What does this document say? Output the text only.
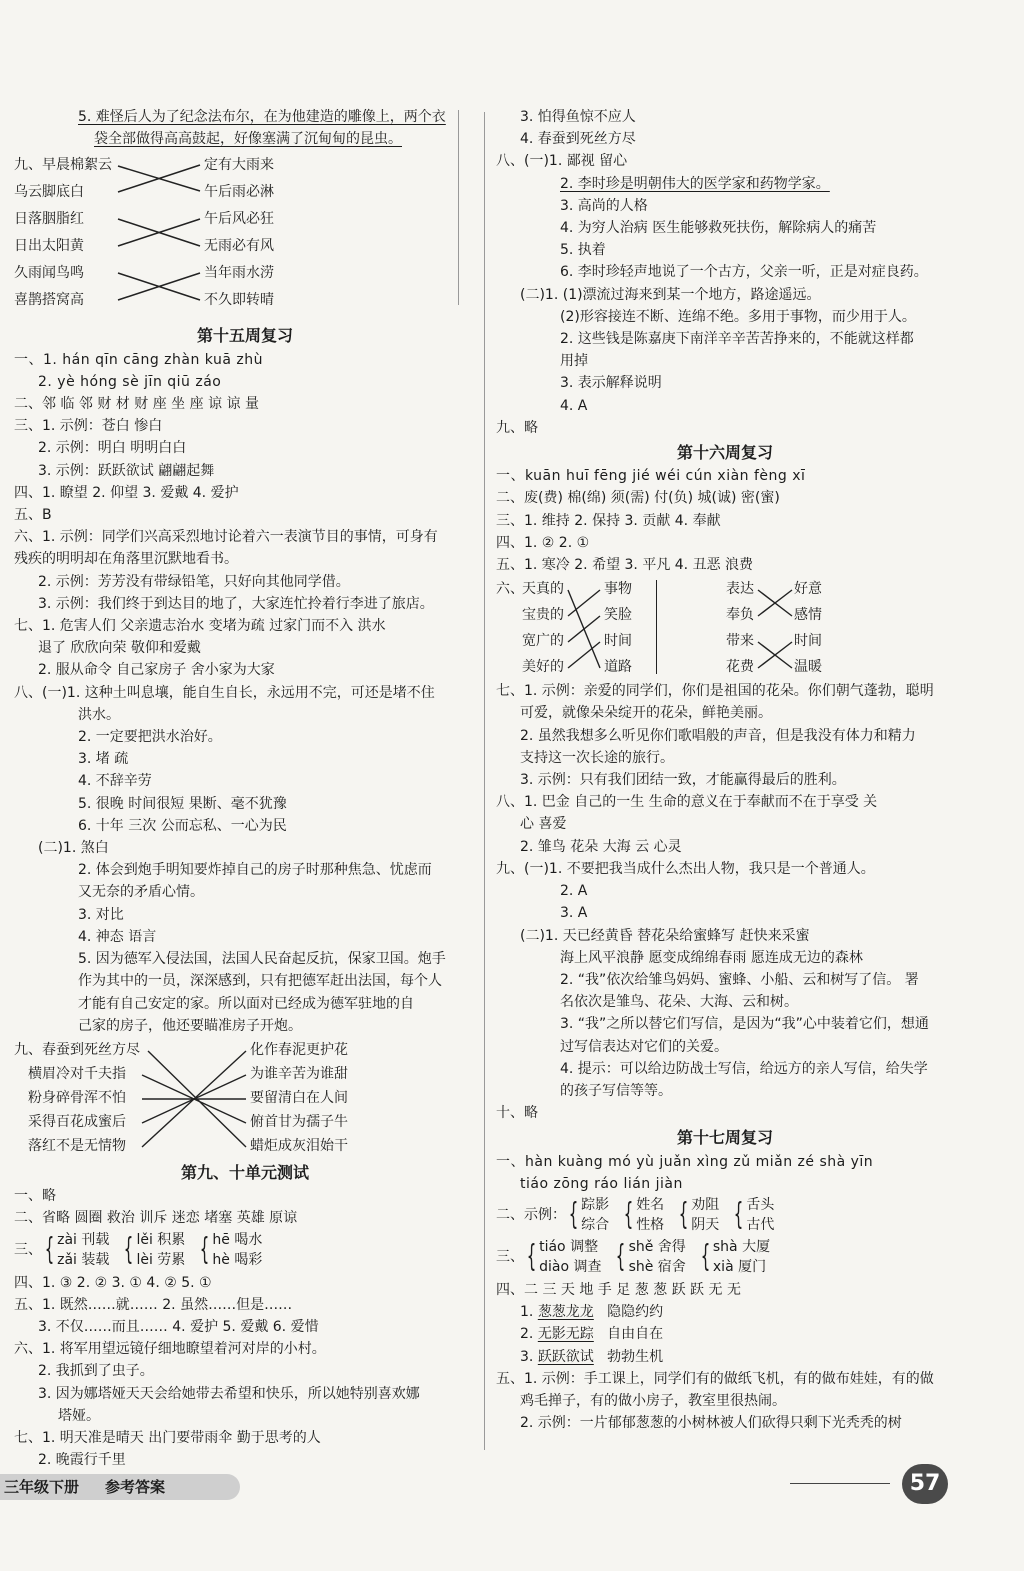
5. 难怪后人为了纪念法布尔，在为他建造的雕像上，两个衣
袋全部做得高高鼓起，好像塞满了沉甸甸的昆虫。
九、 早晨棉絮云
乌云脚底白
日落胭脂红
日出太阳黄
久雨闻鸟鸣
喜鹊搭窝高
定有大雨来
午后雨必淋
午后风必狂
无雨必有风
当年雨水涝
不久即转晴
第十五周复习
一、1. hán qīn cāng zhàn kuā zhù
2. yè hóng sè jīn qiū záo
二、邻 临 邻 财 材 财 座 坐 座 谅 谅 量
三、1. 示例：苍白 惨白
2. 示例：明白 明明白白
3. 示例：跃跃欲试 翩翩起舞
四、1. 瞭望 2. 仰望 3. 爱戴 4. 爱护
五、B
六、1. 示例：同学们兴高采烈地讨论着六一表演节目的事情，可身有
残疾的明明却在角落里沉默地看书。
2. 示例：芳芳没有带绿铅笔，只好向其他同学借。
3. 示例：我们终于到达目的地了，大家连忙拎着行李进了旅店。
七、1. 危害人们 父亲遗志治水 变堵为疏 过家门而不入 洪水
退了 欣欣向荣 敬仰和爱戴
2. 服从命令 自己家房子 舍小家为大家
八、(一)1. 这种土叫息壤，能自生自长，永远用不完，可还是堵不住
洪水。
2. 一定要把洪水治好。
3. 堵 疏
4. 不辞辛劳
5. 很晚 时间很短 果断、毫不犹豫
6. 十年 三次 公而忘私、一心为民
(二)1. 煞白
2. 体会到炮手明知要炸掉自己的房子时那种焦急、忧虑而
又无奈的矛盾心情。
3. 对比
4. 神态 语言
5. 因为德军入侵法国，法国人民奋起反抗，保家卫国。炮手
作为其中的一员，深深感到，只有把德军赶出法国，每个人
才能有自己安定的家。所以面对已经成为德军驻地的自
己家的房子，他还要瞄准房子开炮。
九、春蚕到死丝方尽
横眉冷对千夫指
粉身碎骨浑不怕
采得百花成蜜后
落红不是无情物
化作春泥更护花
为谁辛苦为谁甜
要留清白在人间
俯首甘为孺子牛
蜡炬成灰泪始干
第九、十单元测试
一、略
二、省略 圆圈 救治 训斥 迷恋 堵塞 英雄 原谅
三、{ zài 刊载
zǎi 装载 { lěi 积累
lèi 劳累 { hē 喝水
hè 喝彩
四、1. ③ 2. ② 3. ① 4. ② 5. ①
五、1. 既然……就…… 2. 虽然……但是……
3. 不仅……而且…… 4. 爱护 5. 爱戴 6. 爱惜
六、1. 将军用望远镜仔细地瞭望着河对岸的小村。
2. 我抓到了虫子。
3. 因为娜塔娅天天会给她带去希望和快乐，所以她特别喜欢娜
塔娅。
七、1. 明天准是晴天 出门要带雨伞 勤于思考的人
2. 晚霞行千里
3. 怕得鱼惊不应人
4. 春蚕到死丝方尽
八、(一)1. 鄙视 留心
2. 李时珍是明朝伟大的医学家和药物学家。
3. 高尚的人格
4. 为穷人治病 医生能够救死扶伤，解除病人的痛苦
5. 执着
6. 李时珍轻声地说了一个古方，父亲一听，正是对症良药。
(二)1. (1)漂流过海来到某一个地方，路途遥远。
(2)形容接连不断、连绵不绝。多用于事物，而少用于人。
2. 这些钱是陈嘉庚下南洋辛辛苦苦挣来的，不能就这样都
用掉
3. 表示解释说明
4. A
九、略
第十六周复习
一、kuān huī fēng jié wéi cún xiàn fèng xī
二、废(费) 棉(绵) 须(需) 付(负) 城(诚) 密(蜜)
三、1. 维持 2. 保持 3. 贡献 4. 奉献
四、1. ② 2. ①
五、1. 寒冷 2. 希望 3. 平凡 4. 丑恶 浪费
六、
天真的
宝贵的
宽广的
美好的
事物
笑脸
时间
道路
表达
奉负
带来
花费
好意
感情
时间
温暖
七、1. 示例：亲爱的同学们，你们是祖国的花朵。你们朝气蓬勃，聪明
可爱，就像朵朵绽开的花朵，鲜艳美丽。
2. 虽然我想多么听见你们歌唱般的声音，但是我没有体力和精力
支持这一次长途的旅行。
3. 示例：只有我们团结一致，才能赢得最后的胜利。
八、1. 巴金 自己的一生 生命的意义在于奉献而不在于享受 关
心 喜爱
2. 雏鸟 花朵 大海 云 心灵
九、(一)1. 不要把我当成什么杰出人物，我只是一个普通人。
2. A
3. A
(二)1. 天已经黄昏 替花朵给蜜蜂写 赶快来采蜜
海上风平浪静 愿变成绵绵春雨 愿连成无边的森林
2. “我”依次给雏鸟妈妈、蜜蜂、小船、云和树写了信。 署
名依次是雏鸟、花朵、大海、云和树。
3. “我”之所以替它们写信，是因为“我”心中装着它们，想通
过写信表达对它们的关爱。
4. 提示：可以给边防战士写信，给远方的亲人写信，给失学
的孩子写信等等。
十、略
第十七周复习
一、hàn kuàng mó yù juǎn xìng zǔ miǎn zé shà yīn
tiáo zōng ráo lián jiàn
二、示例：{ 踪影
综合 { 姓名
性格 { 劝阻
阴天 { 舌头
古代
三、{ tiáo 调整
diào 调查 { shě 舍得
shè 宿舍 { shà 大厦
xià 厦门
四、二 三 天 地 手 足 葱 葱 跃 跃 无 无
1. 葱葱龙龙 隐隐约约
2. 无影无踪 自由自在
3. 跃跃欲试 勃勃生机
五、1. 示例：手工课上，同学们有的做纸飞机，有的做布娃娃，有的做
鸡毛掸子，有的做小房子，教室里很热闹。
2. 示例：一片郁郁葱葱的小树林被人们砍得只剩下光秃秃的树
三年级下册 参考答案	57
